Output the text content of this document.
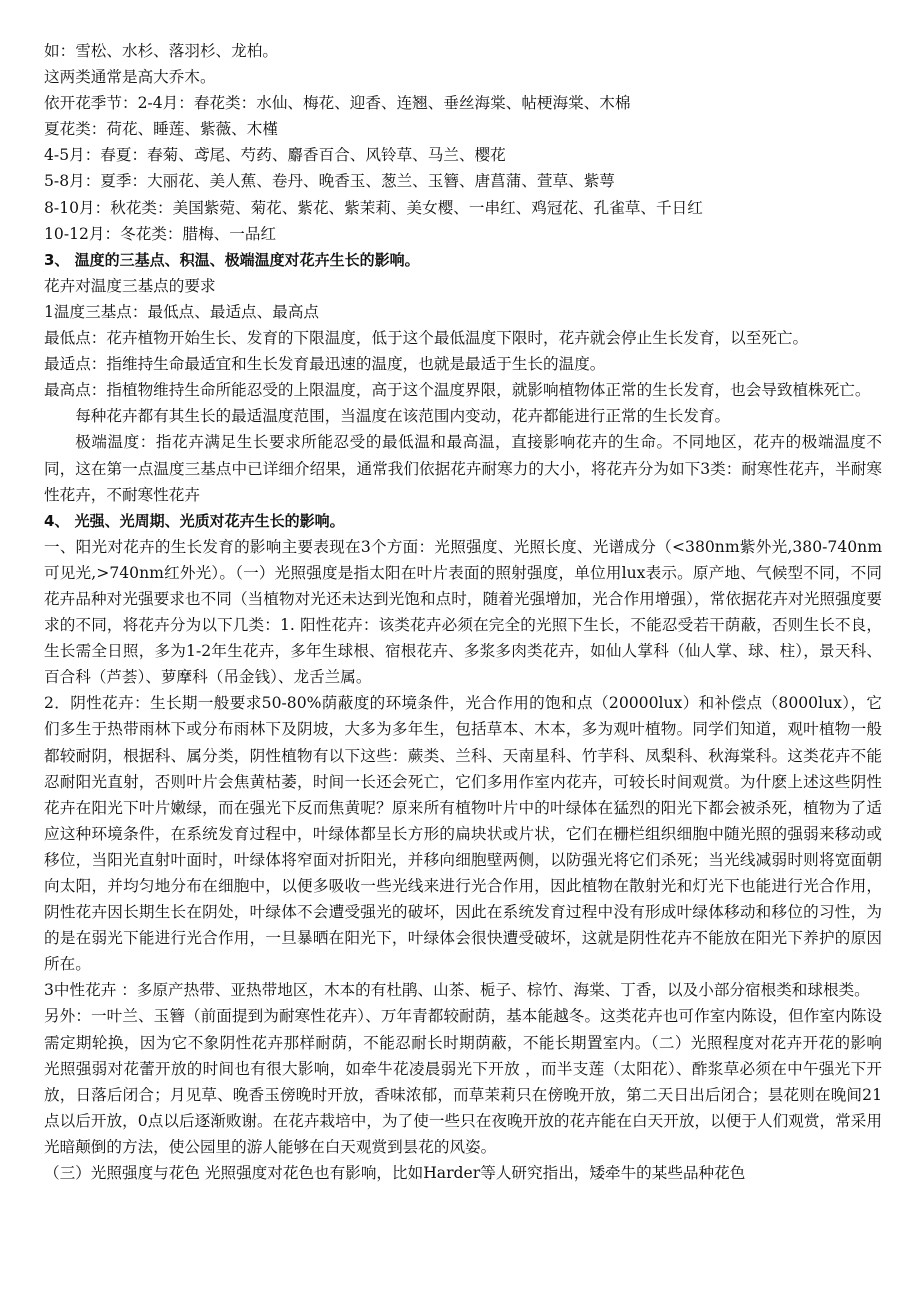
如：雪松、水杉、落羽杉、龙柏。

这两类通常是高大乔木。

依开花季节：2-4月：春花类：水仙、梅花、迎香、连翘、垂丝海棠、帖梗海棠、木棉

夏花类：荷花、睡莲、紫薇、木槿

4-5月：春夏：春菊、鸢尾、芍药、麝香百合、风铃草、马兰、樱花

5-8月：夏季：大丽花、美人蕉、卷丹、晚香玉、葱兰、玉簪、唐菖蒲、萱草、紫萼

8-10月：秋花类：美国紫菀、菊花、紫花、紫茉莉、美女樱、一串红、鸡冠花、孔雀草、千日红

10-12月：冬花类：腊梅、一品红

3、 温度的三基点、积温、极端温度对花卉生长的影响。

花卉对温度三基点的要求

1温度三基点：最低点、最适点、最高点

最低点：花卉植物开始生长、发育的下限温度，低于这个最低温度下限时，花卉就会停止生长发育，以至死亡。

最适点：指维持生命最适宜和生长发育最迅速的温度，也就是最适于生长的温度。

最高点：指植物维持生命所能忍受的上限温度，高于这个温度界限，就影响植物体正常的生长发育，也会导致植株死亡。

每种花卉都有其生长的最适温度范围，当温度在该范围内变动，花卉都能进行正常的生长发育。

极端温度：指花卉满足生长要求所能忍受的最低温和最高温，直接影响花卉的生命。不同地区，花卉的极端温度不同，这在第一点温度三基点中已详细介绍果，通常我们依据花卉耐寒力的大小，将花卉分为如下3类：耐寒性花卉，半耐寒性花卉，不耐寒性花卉

4、 光强、光周期、光质对花卉生长的影响。

一、阳光对花卉的生长发育的影响主要表现在3个方面：光照强度、光照长度、光谱成分（<380nm紫外光,380-740nm可见光,>740nm红外光）。（一）光照强度是指太阳在叶片表面的照射强度，单位用lux表示。原产地、气候型不同，不同花卉品种对光强要求也不同（当植物对光还未达到光饱和点时，随着光强增加，光合作用增强），常依据花卉对光照强度要求的不同，将花卉分为以下几类：1. 阳性花卉：该类花卉必须在完全的光照下生长，不能忍受若干荫蔽，否则生长不良，生长需全日照，多为1-2年生花卉，多年生球根、宿根花卉、多浆多肉类花卉，如仙人掌科（仙人掌、球、柱），景天科、百合科（芦荟）、萝摩科（吊金钱）、龙舌兰属。

2．阴性花卉：生长期一般要求50-80%荫蔽度的环境条件，光合作用的饱和点（20000lux）和补偿点（8000lux），它们多生于热带雨林下或分布雨林下及阴坡，大多为多年生，包括草本、木本，多为观叶植物。同学们知道，观叶植物一般都较耐阴，根据科、属分类，阴性植物有以下这些：蕨类、兰科、天南星科、竹芋科、凤梨科、秋海棠科。这类花卉不能忍耐阳光直射，否则叶片会焦黄枯萎，时间一长还会死亡，它们多用作室内花卉，可较长时间观赏。为什麽上述这些阴性花卉在阳光下叶片嫩绿，而在强光下反而焦黄呢？原来所有植物叶片中的叶绿体在猛烈的阳光下都会被杀死，植物为了适应这种环境条件，在系统发育过程中，叶绿体都呈长方形的扁块状或片状，它们在栅栏组织细胞中随光照的强弱来移动或移位，当阳光直射叶面时，叶绿体将窄面对折阳光，并移向细胞壁两侧，以防强光将它们杀死；当光线减弱时则将宽面朝向太阳，并均匀地分布在细胞中，以便多吸收一些光线来进行光合作用，因此植物在散射光和灯光下也能进行光合作用，阴性花卉因长期生长在阴处，叶绿体不会遭受强光的破坏，因此在系统发育过程中没有形成叶绿体移动和移位的习性，为的是在弱光下能进行光合作用，一旦暴晒在阳光下，叶绿体会很快遭受破坏，这就是阴性花卉不能放在阳光下养护的原因所在。

3中性花卉 ：多原产热带、亚热带地区，木本的有杜鹃、山茶、栀子、棕竹、海棠、丁香，以及小部分宿根类和球根类。

另外：一叶兰、玉簪（前面提到为耐寒性花卉）、万年青都较耐荫，基本能越冬。这类花卉也可作室内陈设，但作室内陈设需定期轮换，因为它不象阴性花卉那样耐荫，不能忍耐长时期荫蔽，不能长期置室内。（二）光照程度对花卉开花的影响 光照强弱对花蕾开放的时间也有很大影响，如牵牛花凌晨弱光下开放 ，而半支莲（太阳花）、酢浆草必须在中午强光下开放，日落后闭合；月见草、晚香玉傍晚时开放，香味浓郁，而草茉莉只在傍晚开放，第二天日出后闭合；昙花则在晚间21点以后开放，0点以后逐渐败谢。在花卉栽培中，为了使一些只在夜晚开放的花卉能在白天开放，以便于人们观赏，常采用光暗颠倒的方法，使公园里的游人能够在白天观赏到昙花的风姿。

（三）光照强度与花色 光照强度对花色也有影响，比如Harder等人研究指出，矮牵牛的某些品种花色
